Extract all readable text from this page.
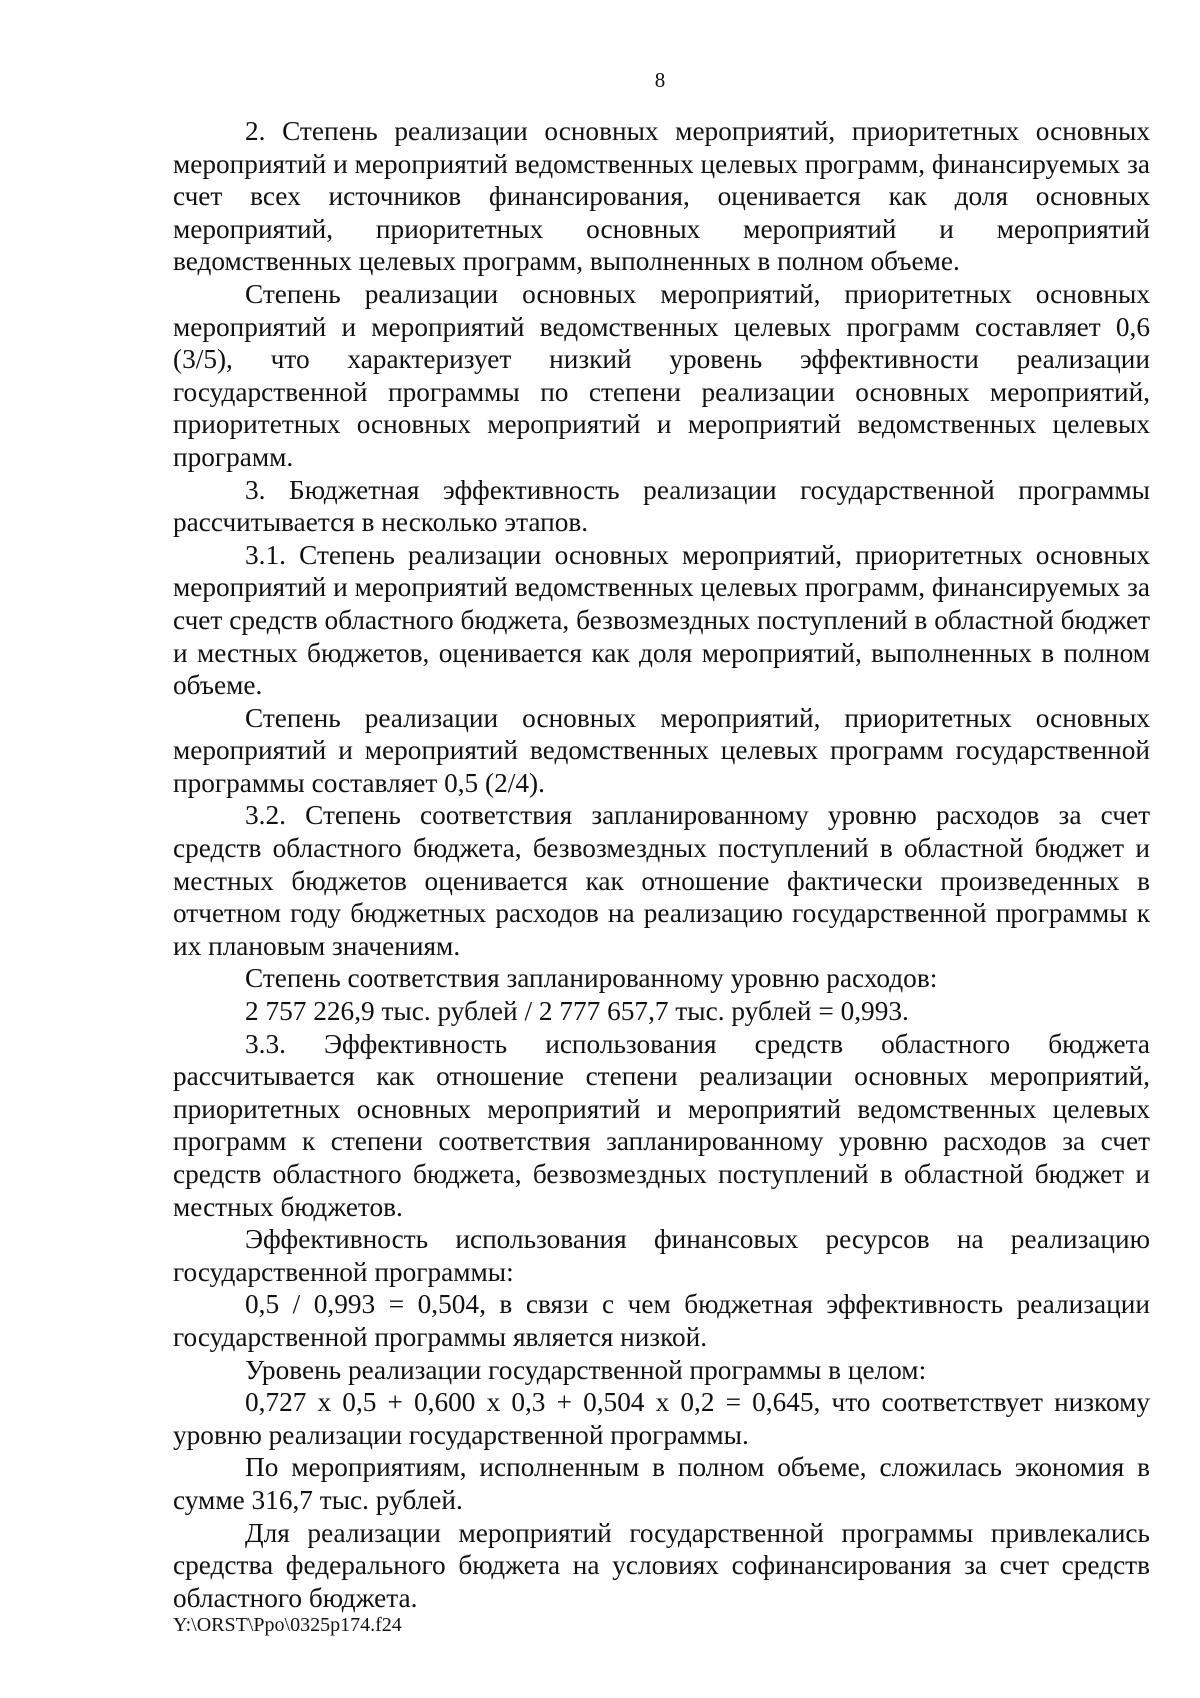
8

2. Степень реализации основных мероприятий, приоритетных основных мероприятий и мероприятий ведомственных целевых программ, финансируемых за счет всех источников финансирования, оценивается как доля основных мероприятий, приоритетных основных мероприятий и мероприятий ведомственных целевых программ, выполненных в полном объеме.

Степень реализации основных мероприятий, приоритетных основных мероприятий и мероприятий ведомственных целевых программ составляет 0,6 (3/5), что характеризует низкий уровень эффективности реализации государственной программы по степени реализации основных мероприятий, приоритетных основных мероприятий и мероприятий ведомственных целевых программ.

3. Бюджетная эффективность реализации государственной программы рассчитывается в несколько этапов.

3.1. Степень реализации основных мероприятий, приоритетных основных мероприятий и мероприятий ведомственных целевых программ, финансируемых за счет средств областного бюджета, безвозмездных поступлений в областной бюджет и местных бюджетов, оценивается как доля мероприятий, выполненных в полном объеме.

Степень реализации основных мероприятий, приоритетных основных мероприятий и мероприятий ведомственных целевых программ государственной программы составляет 0,5 (2/4).

3.2. Степень соответствия запланированному уровню расходов за счет средств областного бюджета, безвозмездных поступлений в областной бюджет и местных бюджетов оценивается как отношение фактически произведенных в отчетном году бюджетных расходов на реализацию государственной программы к их плановым значениям.

Степень соответствия запланированному уровню расходов:

2 757 226,9 тыс. рублей / 2 777 657,7 тыс. рублей = 0,993.

3.3. Эффективность использования средств областного бюджета рассчитывается как отношение степени реализации основных мероприятий, приоритетных основных мероприятий и мероприятий ведомственных целевых программ к степени соответствия запланированному уровню расходов за счет средств областного бюджета, безвозмездных поступлений в областной бюджет и местных бюджетов.

Эффективность использования финансовых ресурсов на реализацию государственной программы:

0,5 / 0,993 = 0,504, в связи с чем бюджетная эффективность реализации государственной программы является низкой.

Уровень реализации государственной программы в целом:

0,727 х 0,5 + 0,600 х 0,3 + 0,504 х 0,2 = 0,645, что соответствует низкому уровню реализации государственной программы.

По мероприятиям, исполненным в полном объеме, сложилась экономия в сумме 316,7 тыс. рублей.

Для реализации мероприятий государственной программы привлекались средства федерального бюджета на условиях софинансирования за счет средств областного бюджета.

Y:\ORST\Ppo\0325p174.f24
